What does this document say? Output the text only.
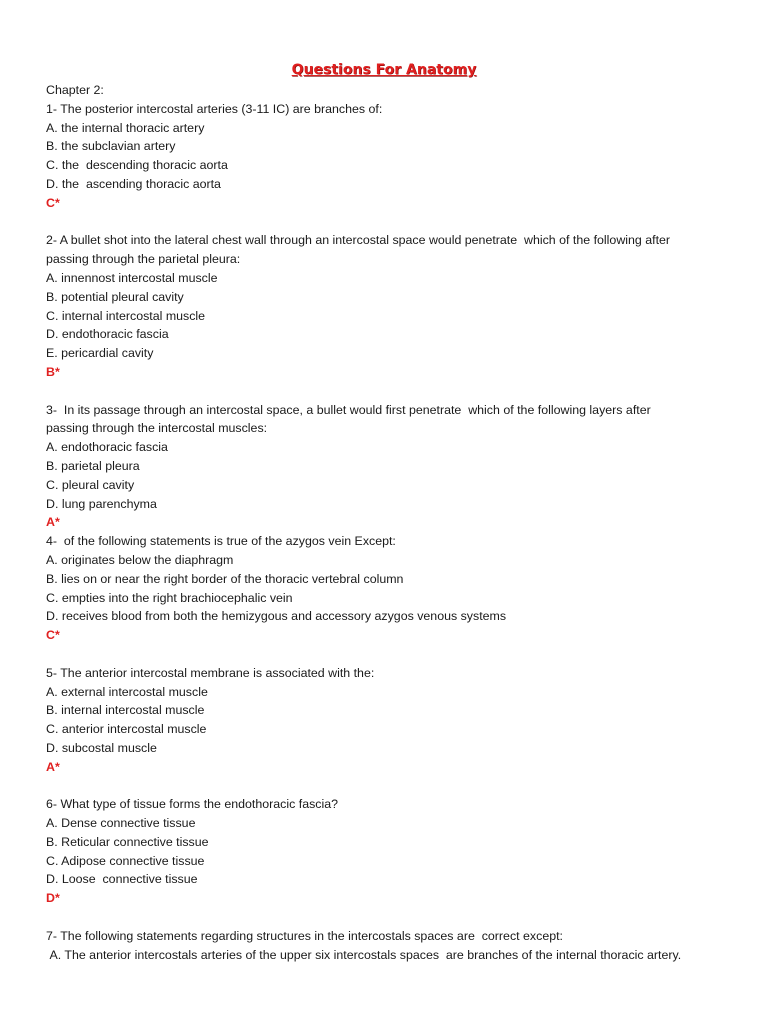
Questions For Anatomy
Chapter 2:
1- The posterior intercostal arteries (3-11 IC) are branches of:
A. the internal thoracic artery
B. the subclavian artery
C. the  descending thoracic aorta
D. the  ascending thoracic aorta
C*
2- A bullet shot into the lateral chest wall through an intercostal space would penetrate  which of the following after
passing through the parietal pleura:
A. innennost intercostal muscle
B. potential pleural cavity
C. internal intercostal muscle
D. endothoracic fascia
E. pericardial cavity
B*
3-  In its passage through an intercostal space, a bullet would first penetrate  which of the following layers after
passing through the intercostal muscles:
A. endothoracic fascia
B. parietal pleura
C. pleural cavity
D. lung parenchyma
A*
4-  of the following statements is true of the azygos vein Except:
A. originates below the diaphragm
B. lies on or near the right border of the thoracic vertebral column
C. empties into the right brachiocephalic vein
D. receives blood from both the hemizygous and accessory azygos venous systems
C*
5- The anterior intercostal membrane is associated with the:
A. external intercostal muscle
B. internal intercostal muscle
C. anterior intercostal muscle
D. subcostal muscle
A*
6- What type of tissue forms the endothoracic fascia?
A. Dense connective tissue
B. Reticular connective tissue
C. Adipose connective tissue
D. Loose  connective tissue
D*
7- The following statements regarding structures in the intercostals spaces are  correct except:
A. The anterior intercostals arteries of the upper six intercostals spaces  are branches of the internal thoracic artery.
